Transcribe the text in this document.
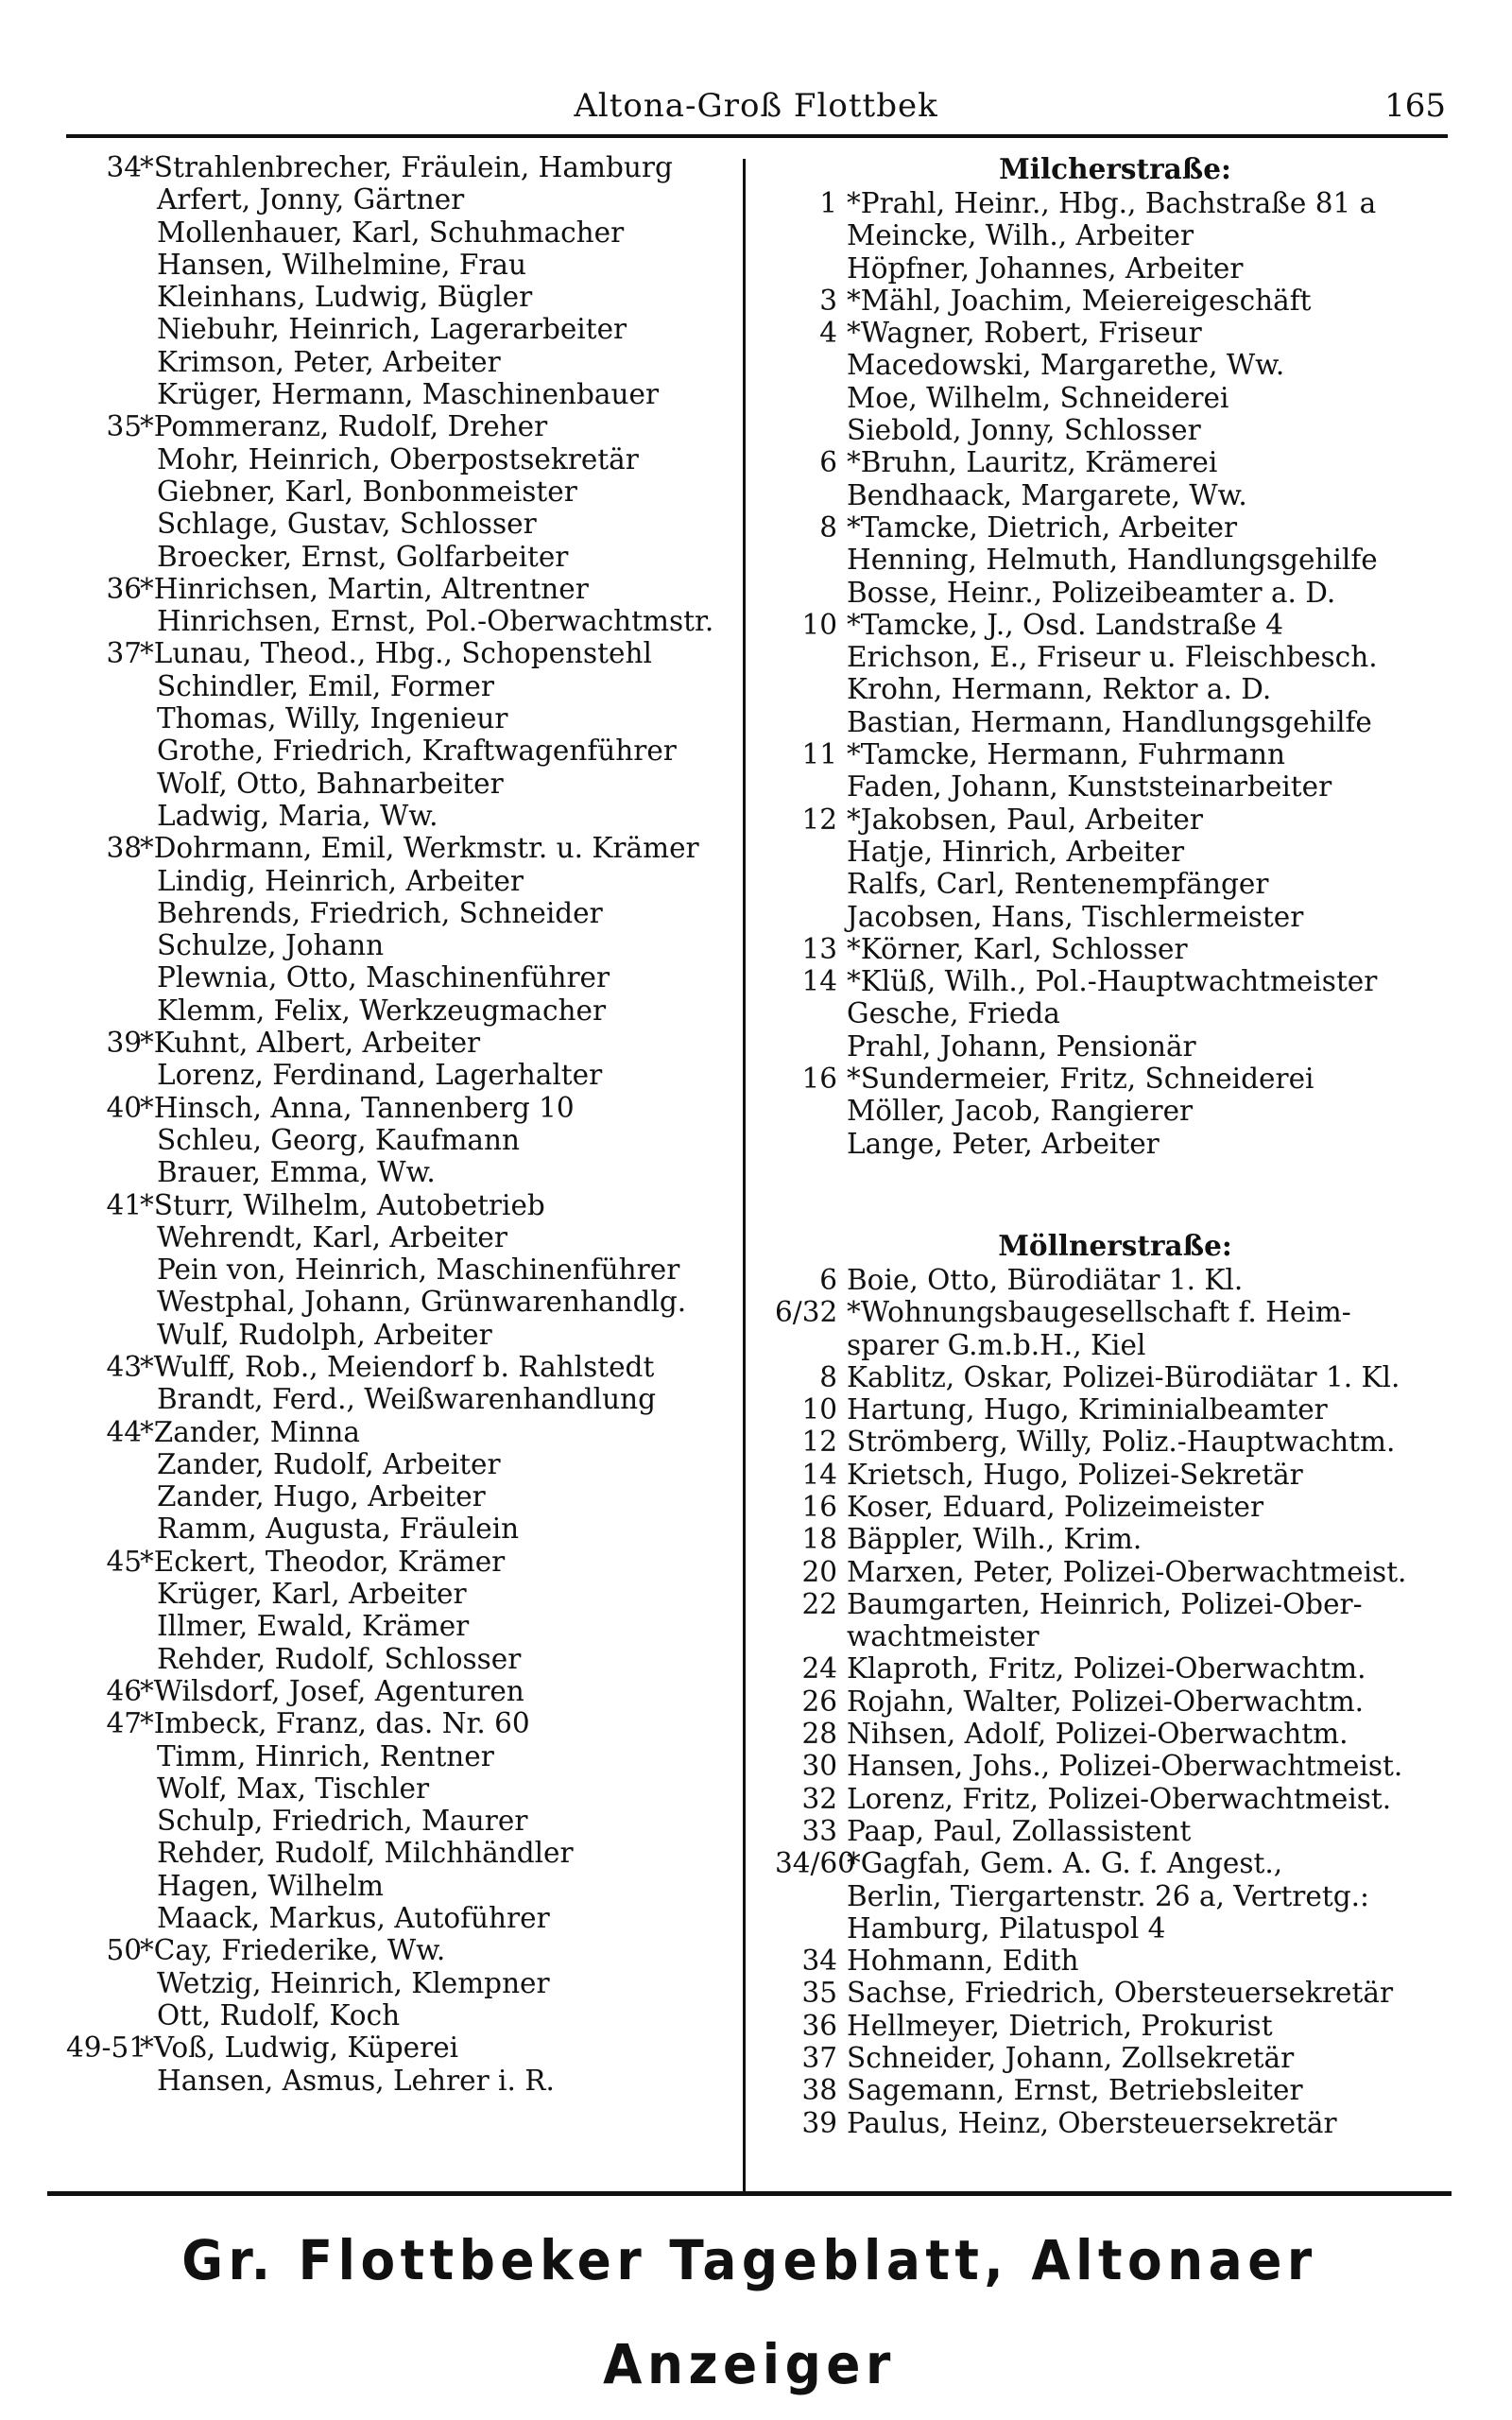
Altona-Groß Flottbek	165
34
*Strahlenbrecher, Fräulein, Hamburg
Arfert, Jonny, Gärtner
Mollenhauer, Karl, Schuhmacher
Hansen, Wilhelmine, Frau
Kleinhans, Ludwig, Bügler
Niebuhr, Heinrich, Lagerarbeiter
Krimson, Peter, Arbeiter
Krüger, Hermann, Maschinenbauer
35
*Pommeranz, Rudolf, Dreher
Mohr, Heinrich, Oberpostsekretär
Giebner, Karl, Bonbonmeister
Schlage, Gustav, Schlosser
Broecker, Ernst, Golfarbeiter
36
*Hinrichsen, Martin, Altrentner
Hinrichsen, Ernst, Pol.-Oberwachtmstr.
37
*Lunau, Theod., Hbg., Schopenstehl
Schindler, Emil, Former
Thomas, Willy, Ingenieur
Grothe, Friedrich, Kraftwagenführer
Wolf, Otto, Bahnarbeiter
Ladwig, Maria, Ww.
38
*Dohrmann, Emil, Werkmstr. u. Krämer
Lindig, Heinrich, Arbeiter
Behrends, Friedrich, Schneider
Schulze, Johann
Plewnia, Otto, Maschinenführer
Klemm, Felix, Werkzeugmacher
39
*Kuhnt, Albert, Arbeiter
Lorenz, Ferdinand, Lagerhalter
40
*Hinsch, Anna, Tannenberg 10
Schleu, Georg, Kaufmann
Brauer, Emma, Ww.
41
*Sturr, Wilhelm, Autobetrieb
Wehrendt, Karl, Arbeiter
Pein von, Heinrich, Maschinenführer
Westphal, Johann, Grünwarenhandlg.
Wulf, Rudolph, Arbeiter
43
*Wulff, Rob., Meiendorf b. Rahlstedt
Brandt, Ferd., Weißwarenhandlung
44
*Zander, Minna
Zander, Rudolf, Arbeiter
Zander, Hugo, Arbeiter
Ramm, Augusta, Fräulein
45
*Eckert, Theodor, Krämer
Krüger, Karl, Arbeiter
Illmer, Ewald, Krämer
Rehder, Rudolf, Schlosser
46
*Wilsdorf, Josef, Agenturen
47
*Imbeck, Franz, das. Nr. 60
Timm, Hinrich, Rentner
Wolf, Max, Tischler
Schulp, Friedrich, Maurer
Rehder, Rudolf, Milchhändler
Hagen, Wilhelm
Maack, Markus, Autoführer
50
*Cay, Friederike, Ww.
Wetzig, Heinrich, Klempner
Ott, Rudolf, Koch
49-51
*Voß, Ludwig, Küperei
Hansen, Asmus, Lehrer i. R.
Milcherstraße:
1 *Prahl, Heinr., Hbg., Bachstraße 81 a
Meincke, Wilh., Arbeiter
Höpfner, Johannes, Arbeiter
3 *Mähl, Joachim, Meiereigeschäft
4 *Wagner, Robert, Friseur
Macedowski, Margarethe, Ww.
Moe, Wilhelm, Schneiderei
Siebold, Jonny, Schlosser
6 *Bruhn, Lauritz, Krämerei
Bendhaack, Margarete, Ww.
8 *Tamcke, Dietrich, Arbeiter
Henning, Helmuth, Handlungsgehilfe
Bosse, Heinr., Polizeibeamter a. D.
10 *Tamcke, J., Osd. Landstraße 4
Erichson, E., Friseur u. Fleischbesch.
Krohn, Hermann, Rektor a. D.
Bastian, Hermann, Handlungsgehilfe
11 *Tamcke, Hermann, Fuhrmann
Faden, Johann, Kunststeinarbeiter
12 *Jakobsen, Paul, Arbeiter
Hatje, Hinrich, Arbeiter
Ralfs, Carl, Rentenempfänger
Jacobsen, Hans, Tischlermeister
13 *Körner, Karl, Schlosser
14 *Klüß, Wilh., Pol.-Hauptwachtmeister
Gesche, Frieda
Prahl, Johann, Pensionär
16 *Sundermeier, Fritz, Schneiderei
Möller, Jacob, Rangierer
Lange, Peter, Arbeiter
Möllnerstraße:
6 Boie, Otto, Bürodiätar 1. Kl.
6/32 *Wohnungsbaugesellschaft f. Heim-
sparer G.m.b.H., Kiel
8 Kablitz, Oskar, Polizei-Bürodiätar 1. Kl.
10 Hartung, Hugo, Kriminialbeamter
12 Strömberg, Willy, Poliz.-Hauptwachtm.
14 Krietsch, Hugo, Polizei-Sekretär
16 Koser, Eduard, Polizeimeister
18 Bäppler, Wilh., Krim.
20 Marxen, Peter, Polizei-Oberwachtmeist.
22 Baumgarten, Heinrich, Polizei-Ober-
wachtmeister
24 Klaproth, Fritz, Polizei-Oberwachtm.
26 Rojahn, Walter, Polizei-Oberwachtm.
28 Nihsen, Adolf, Polizei-Oberwachtm.
30 Hansen, Johs., Polizei-Oberwachtmeist.
32 Lorenz, Fritz, Polizei-Oberwachtmeist.
33 Paap, Paul, Zollassistent
34/60
*Gagfah, Gem. A. G. f. Angest.,
Berlin, Tiergartenstr. 26 a, Vertretg.:
Hamburg, Pilatuspol 4
34 Hohmann, Edith
35 Sachse, Friedrich, Obersteuersekretär
36 Hellmeyer, Dietrich, Prokurist
37 Schneider, Johann, Zollsekretär
38 Sagemann, Ernst, Betriebsleiter
39 Paulus, Heinz, Obersteuersekretär
Gr. Flottbeker Tageblatt, Altonaer Anzeiger
